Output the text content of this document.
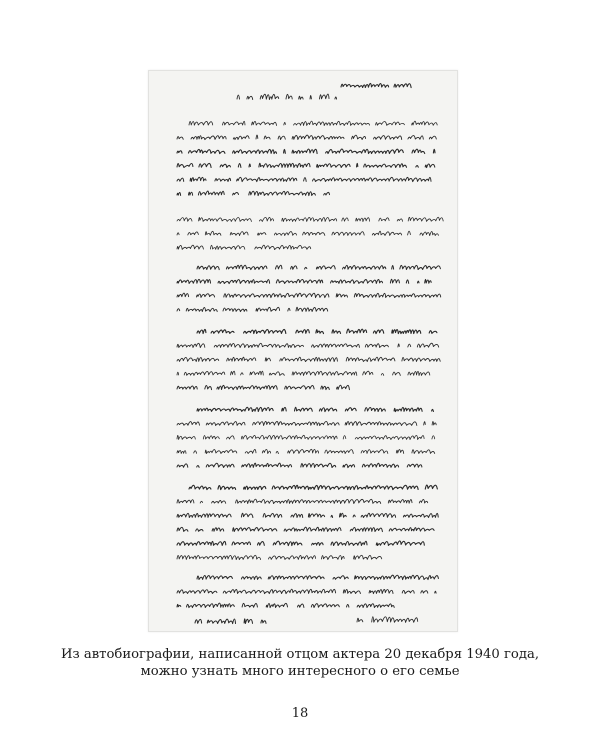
Из автобиографии, написанной отцом актера 20 декабря 1940 года,
можно узнать много интересного о его семье
18
